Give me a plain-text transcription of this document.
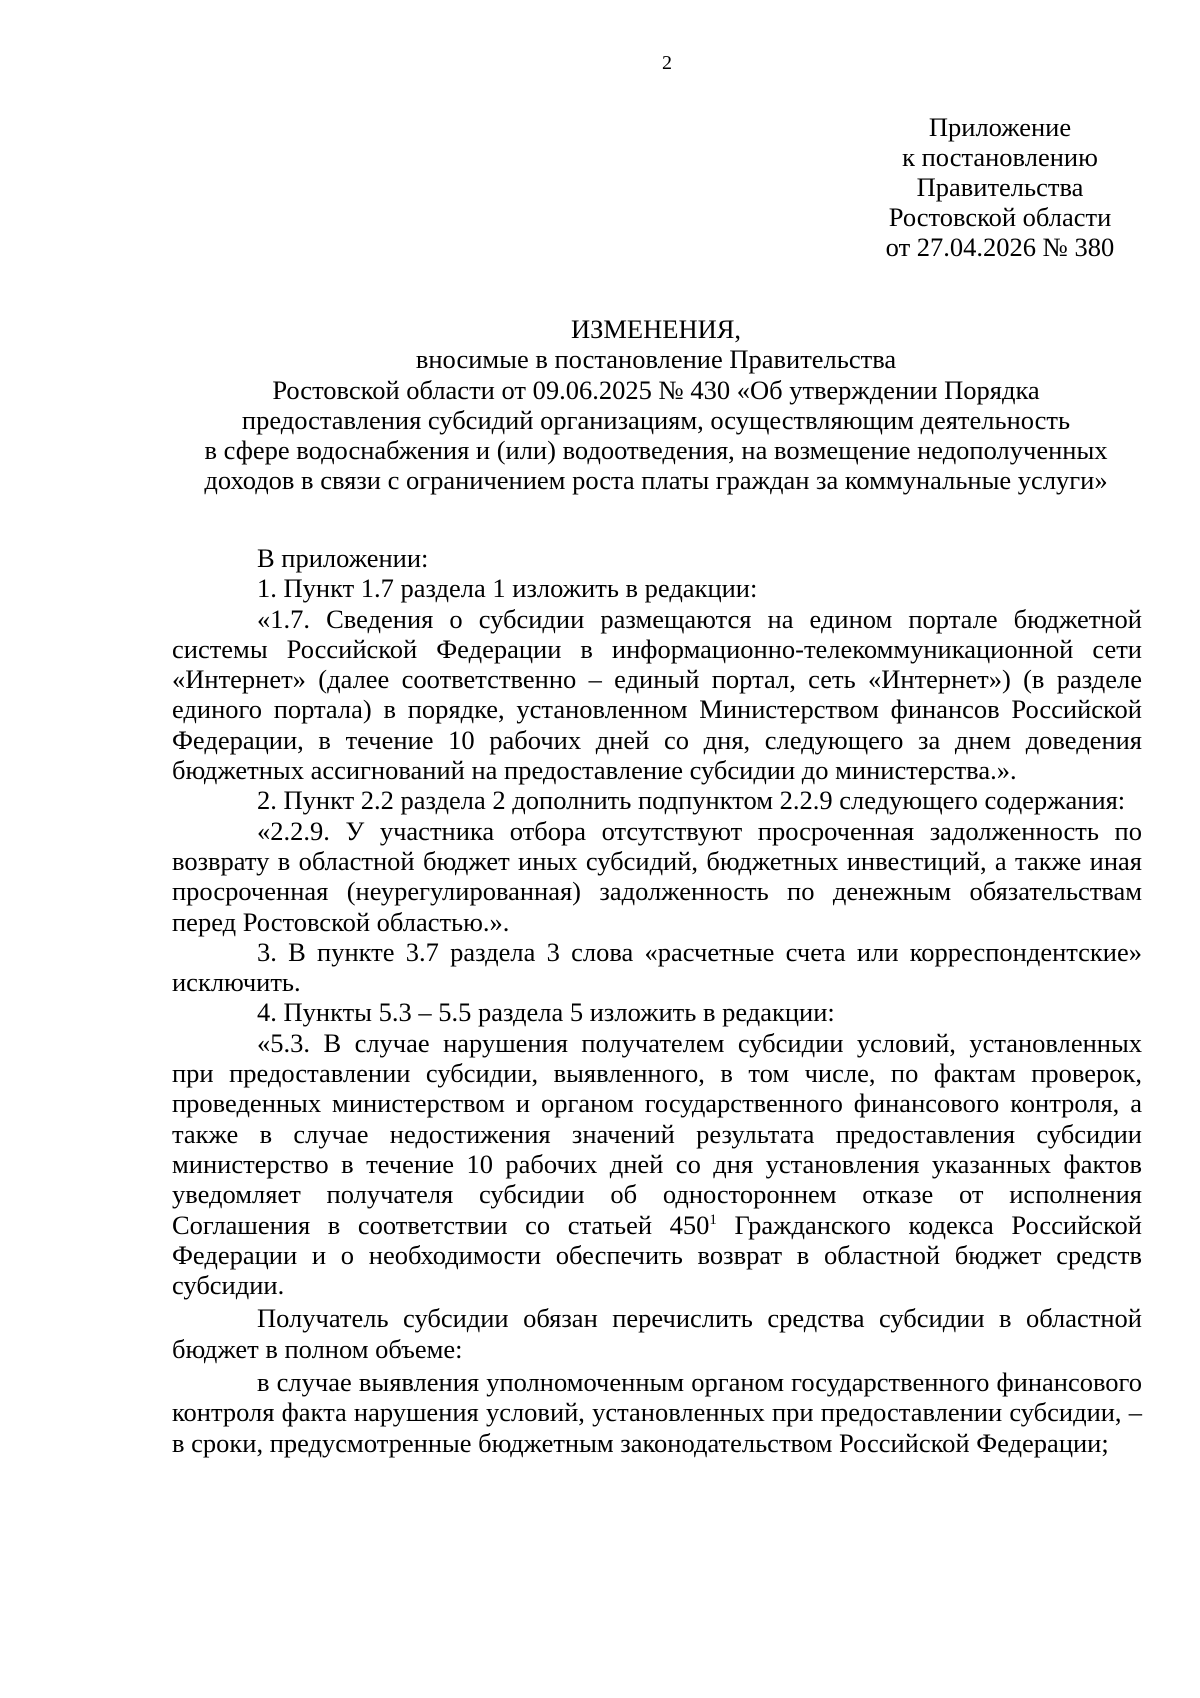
2
Приложение
к постановлению
Правительства
Ростовской области
от 27.04.2026 № 380
ИЗМЕНЕНИЯ,
вносимые в постановление Правительства
Ростовской области от 09.06.2025 № 430 «Об утверждении Порядка
предоставления субсидий организациям, осуществляющим деятельность
в сфере водоснабжения и (или) водоотведения, на возмещение недополученных
доходов в связи с ограничением роста платы граждан за коммунальные услуги»

В приложении:

1. Пункт 1.7 раздела 1 изложить в редакции:

«1.7. Сведения о субсидии размещаются на едином портале бюджетной системы Российской Федерации в информационно-телекоммуникационной сети «Интернет» (далее соответственно – единый портал, сеть «Интернет») (в разделе единого портала) в порядке, установленном Министерством финансов Российской Федерации, в течение 10 рабочих дней со дня, следующего за днем доведения бюджетных ассигнований на предоставление субсидии до министерства.».

2. Пункт 2.2 раздела 2 дополнить подпунктом 2.2.9 следующего содержания:

«2.2.9. У участника отбора отсутствуют просроченная задолженность по возврату в областной бюджет иных субсидий, бюджетных инвестиций, а также иная просроченная (неурегулированная) задолженность по денежным обязательствам перед Ростовской областью.».

3. В пункте 3.7 раздела 3 слова «расчетные счета или корреспондентские» исключить.

4. Пункты 5.3 – 5.5 раздела 5 изложить в редакции:

«5.3. В случае нарушения получателем субсидии условий, установленных при предоставлении субсидии, выявленного, в том числе, по фактам проверок, проведенных министерством и органом государственного финансового контроля, а также в случае недостижения значений результата предоставления субсидии министерство в течение 10 рабочих дней со дня установления указанных фактов уведомляет получателя субсидии об одностороннем отказе от исполнения Соглашения в соответствии со статьей $450^1$ Гражданского кодекса Российской Федерации и о необходимости обеспечить возврат в областной бюджет средств субсидии.

Получатель субсидии обязан перечислить средства субсидии в областной бюджет в полном объеме:

в случае выявления уполномоченным органом государственного финансового контроля факта нарушения условий, установленных при предоставлении субсидии, – в сроки, предусмотренные бюджетным законодательством Российской Федерации;
